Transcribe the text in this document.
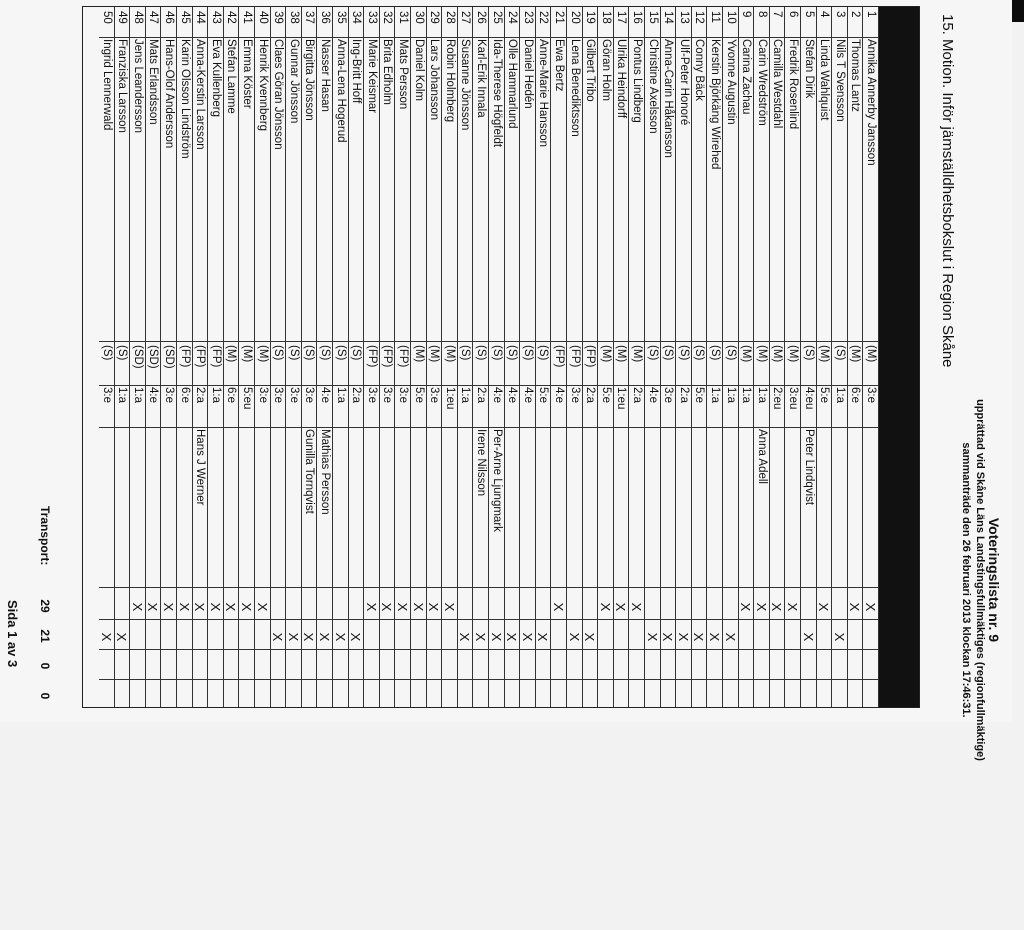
Voteringslista nr. 9
upprättad vid Skåne Läns Landstingsfullmäktiges (regionfullmäktige)
sammanträde den 26 februari 2013 klockan 17:46:31.
15. Motion. Inför jämställdhetsbokslut i Region Skåne
1
Annika Annerby Jansson
(M)
3:e
X
2
Thomas Lantz
(M)
6:e
X
3
Nils T Svensson
(S)
1:a
X
4
Linda Wahlquist
(M)
5:e
X
5
Stefan Dirik
(S)
4:eu
Peter Lindqvist
X
6
Fredrik Rosenlind
(M)
3:eu
X
7
Camilla Westdahl
(M)
2:eu
X
8
Carin Wredström
(M)
1:a
Anna Adell
X
9
Carina Zachau
(M)
1:a
X
10
Yvonne Augustin
(S)
1:a
X
11
Kerstin Björkäng Wirehed
(S)
1:a
X
12
Conny Bäck
(S)
5:e
X
13
Ulf-Peter Honoré
(S)
2:a
X
14
Anna-Carin Håkansson
(S)
3:e
X
15
Christine Axelsson
(S)
4:e
X
16
Pontus Lindberg
(M)
2:a
X
17
Ulrika Heindorff
(M)
1:eu
X
18
Göran Holm
(M)
5:e
X
19
Gilbert Tribo
(FP)
2:a
X
20
Lena Benediktsson
(FP)
3:e
X
21
Ewa Bertz
(FP)
4:e
X
22
Anne-Marie Hansson
(S)
5:e
X
23
Daniel Hedén
(S)
4:e
X
24
Olle Hammarlund
(S)
4:e
X
25
Ida-Therese Högfeldt
(S)
4:e
Per-Arne Ljungmark
X
26
Karl-Erik Innala
(S)
2:a
Irene Nilsson
X
27
Susanne Jönsson
(S)
1:a
X
28
Robin Holmberg
(M)
1:eu
X
29
Lars Johansson
(M)
3:e
X
30
Daniel Kolm
(M)
5:e
X
31
Mats Persson
(FP)
3:e
X
32
Brita Edholm
(FP)
3:e
X
33
Marie Keismar
(FP)
3:e
X
34
Ing-Britt Hoff
(S)
2:a
X
35
Anna-Lena Hogerud
(S)
1:a
X
36
Nasser Hasan
(S)
4:e
Mathias Persson
X
37
Birgitta Jönsson
(S)
3:e
Gunilla Tornqvist
X
38
Gunnar Jönsson
(S)
3:e
X
39
Claes Göran Jönsson
(S)
3:e
X
40
Henrik Kvennberg
(M)
3:e
X
41
Emma Köster
(M)
5:eu
X
42
Stefan Lamme
(M)
6:e
X
43
Eva Kullenberg
(FP)
1:a
X
44
Anna-Kerstin Larsson
(FP)
2:a
Hans J Werner
X
45
Karin Olsson Lindström
(FP)
6:e
X
46
Hans-Olof Andersson
(SD)
3:e
X
47
Mats Erlandsson
(SD)
4:e
X
48
Jens Leandersson
(SD)
1:a
X
49
Franziska Larsson
(S)
1:a
X
50
Ingrid Lennerwald
(S)
3:e
X
Transport:
29
21
0
0
Sida 1 av 3
